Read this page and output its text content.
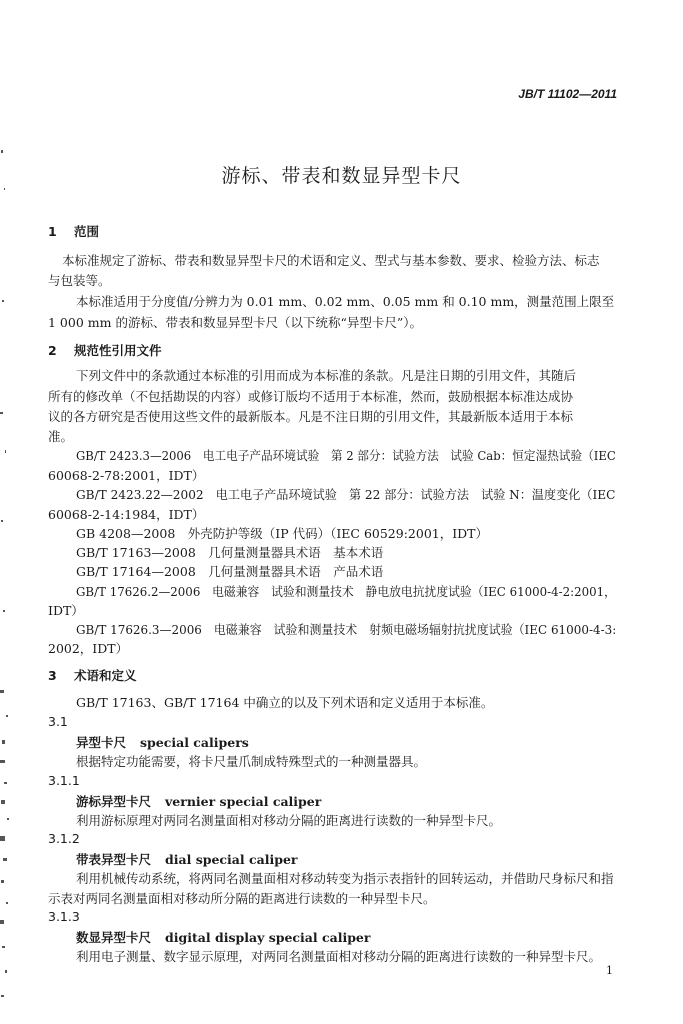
JB/T 11102—2011
游标、带表和数显异型卡尺
1 范围
本标准规定了游标、带表和数显异型卡尺的术语和定义、型式与基本参数、要求、检验方法、标志
与包装等。
本标准适用于分度值/分辨力为 0.01 mm、0.02 mm、0.05 mm 和 0.10 mm，测量范围上限至
1 000 mm 的游标、带表和数显异型卡尺（以下统称“异型卡尺”）。
2 规范性引用文件
下列文件中的条款通过本标准的引用而成为本标准的条款。凡是注日期的引用文件，其随后
所有的修改单（不包括勘误的内容）或修订版均不适用于本标准，然而，鼓励根据本标准达成协
议的各方研究是否使用这些文件的最新版本。凡是不注日期的引用文件，其最新版本适用于本标
准。
GB/T 2423.3—2006　电工电子产品环境试验　第 2 部分：试验方法　试验 Cab：恒定湿热试验（IEC
60068-2-78:2001，IDT）
GB/T 2423.22—2002　电工电子产品环境试验　第 22 部分：试验方法　试验 N：温度变化（IEC
60068-2-14:1984，IDT）
GB 4208—2008　外壳防护等级（IP 代码）（IEC 60529:2001，IDT）
GB/T 17163—2008　几何量测量器具术语　基本术语
GB/T 17164—2008　几何量测量器具术语　产品术语
GB/T 17626.2—2006　电磁兼容　试验和测量技术　静电放电抗扰度试验（IEC 61000-4-2:2001，
IDT）
GB/T 17626.3—2006　电磁兼容　试验和测量技术　射频电磁场辐射抗扰度试验（IEC 61000-4-3:
2002，IDT）
3 术语和定义
GB/T 17163、GB/T 17164 中确立的以及下列术语和定义适用于本标准。
3.1
异型卡尺 special calipers
根据特定功能需要，将卡尺量爪制成特殊型式的一种测量器具。
3.1.1
游标异型卡尺 vernier special caliper
利用游标原理对两同名测量面相对移动分隔的距离进行读数的一种异型卡尺。
3.1.2
带表异型卡尺 dial special caliper
利用机械传动系统，将两同名测量面相对移动转变为指示表指针的回转运动，并借助尺身标尺和指
示表对两同名测量面相对移动所分隔的距离进行读数的一种异型卡尺。
3.1.3
数显异型卡尺 digital display special caliper
利用电子测量、数字显示原理，对两同名测量面相对移动分隔的距离进行读数的一种异型卡尺。
1
